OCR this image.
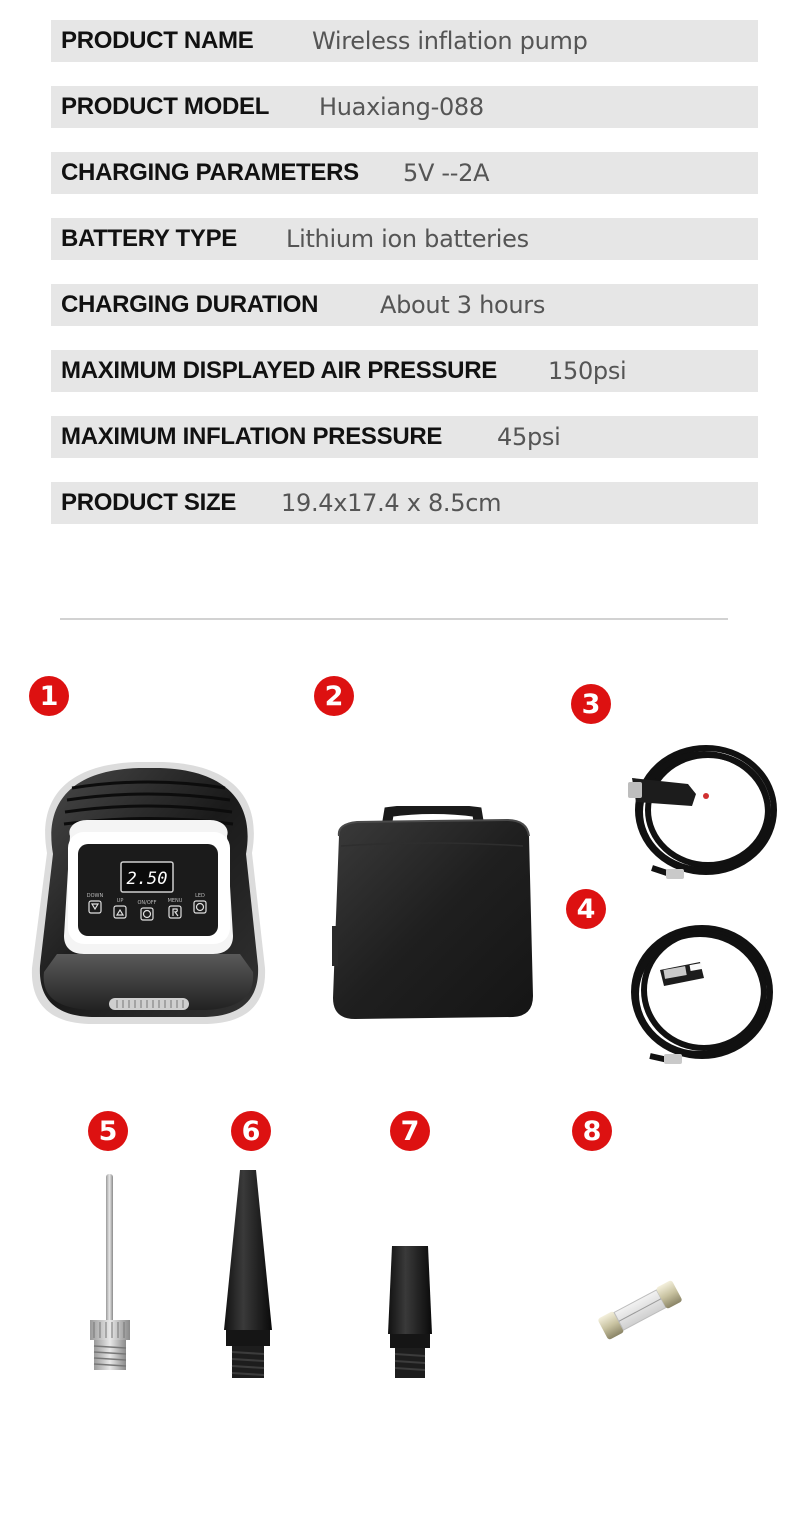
PRODUCT NAME Wireless inflation pump
PRODUCT MODEL Huaxiang-088
CHARGING PARAMETERS 5V --2A
BATTERY TYPE Lithium ion batteries
CHARGING DURATION	About 3 hours
MAXIMUM DISPLAYED AIR PRESSURE 150psi
MAXIMUM INFLATION PRESSURE 45psi
PRODUCT SIZE 19.4x17.4 x 8.5cm
1	2	3
4
5	6	7	8
2.50
DOWN
UP	ON/OFF MENU
LED
